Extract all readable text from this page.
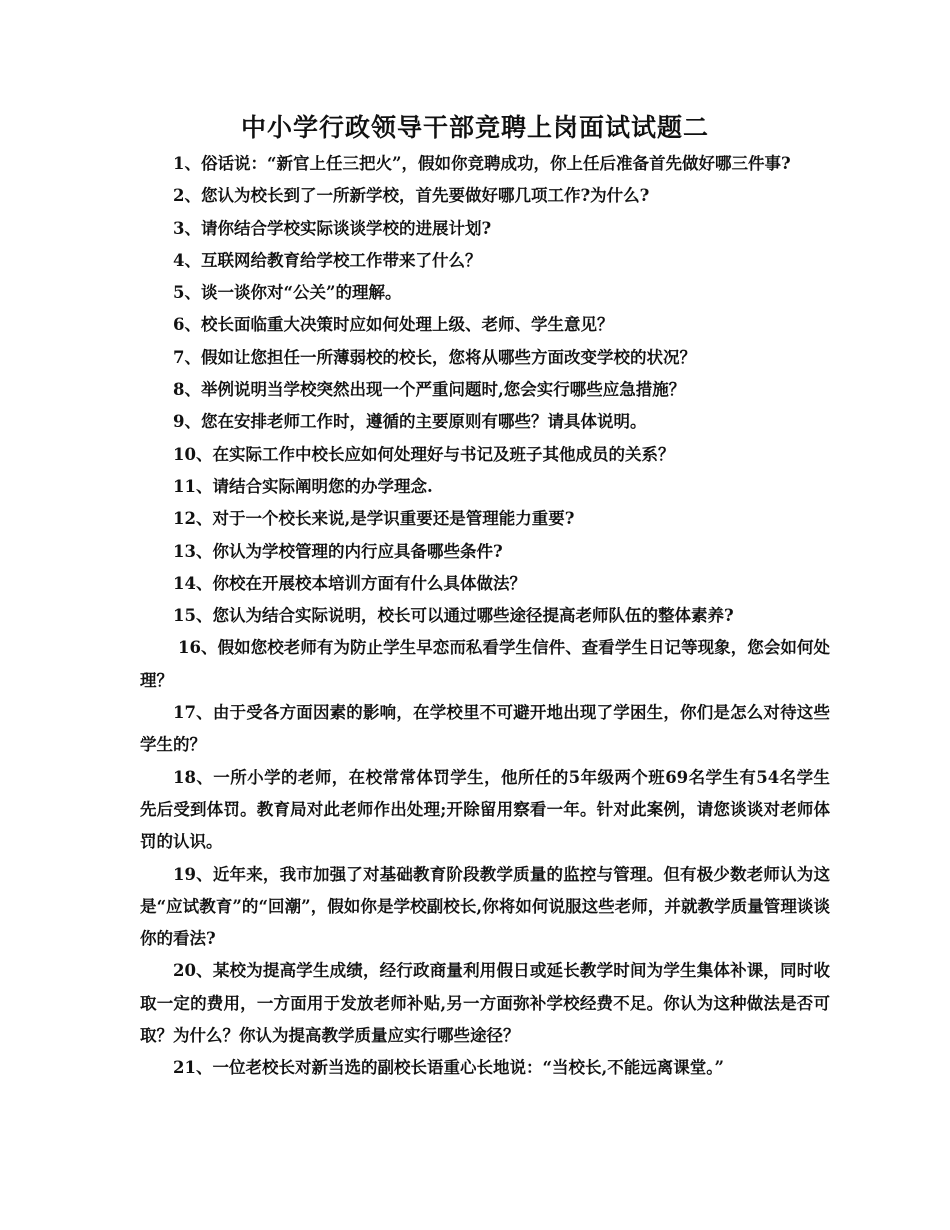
中小学行政领导干部竞聘上岗面试试题二

1、俗话说：“新官上任三把火”，假如你竞聘成功，你上任后准备首先做好哪三件事?

2、您认为校长到了一所新学校，首先要做好哪几项工作?为什么?

3、请你结合学校实际谈谈学校的进展计划?

4、互联网给教育给学校工作带来了什么？

5、谈一谈你对“公关”的理解。

6、校长面临重大决策时应如何处理上级、老师、学生意见？

7、假如让您担任一所薄弱校的校长，您将从哪些方面改变学校的状况？

8、举例说明当学校突然出现一个严重问题时,您会实行哪些应急措施？

9、您在安排老师工作时，遵循的主要原则有哪些？请具体说明。

10、在实际工作中校长应如何处理好与书记及班子其他成员的关系？

11、请结合实际阐明您的办学理念.

12、对于一个校长来说,是学识重要还是管理能力重要?

13、你认为学校管理的内行应具备哪些条件?

14、你校在开展校本培训方面有什么具体做法？

15、您认为结合实际说明，校长可以通过哪些途径提高老师队伍的整体素养?

16、假如您校老师有为防止学生早恋而私看学生信件、查看学生日记等现象，您会如何处理？

17、由于受各方面因素的影响，在学校里不可避开地出现了学困生，你们是怎么对待这些学生的？

18、一所小学的老师，在校常常体罚学生，他所任的5年级两个班69名学生有54名学生先后受到体罚。教育局对此老师作出处理;开除留用察看一年。针对此案例，请您谈谈对老师体罚的认识。

19、近年来，我市加强了对基础教育阶段教学质量的监控与管理。但有极少数老师认为这是“应试教育”的“回潮”，假如你是学校副校长,你将如何说服这些老师，并就教学质量管理谈谈你的看法?

20、某校为提高学生成绩，经行政商量利用假日或延长教学时间为学生集体补课，同时收取一定的费用，一方面用于发放老师补贴,另一方面弥补学校经费不足。你认为这种做法是否可取？为什么？你认为提高教学质量应实行哪些途径？

21、一位老校长对新当选的副校长语重心长地说：“当校长,不能远离课堂。”
